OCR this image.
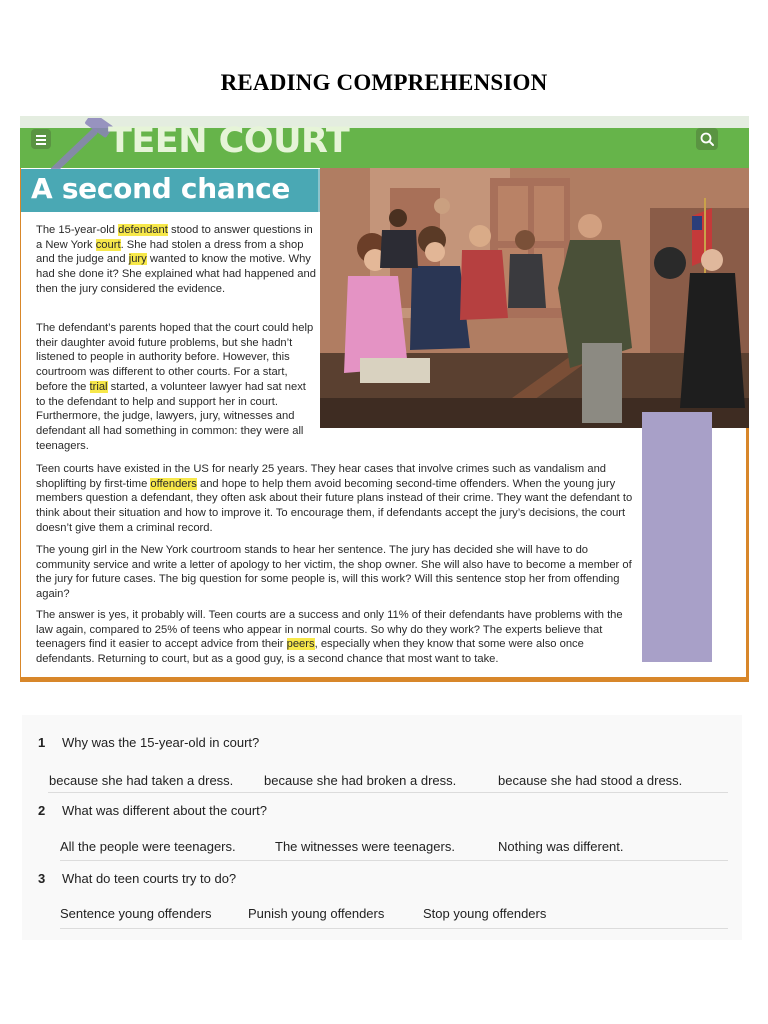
READING COMPREHENSION
TEEN COURT
A second chance

The 15-year-old defendant stood to answer questions in a New York court. She had stolen a dress from a shop and the judge and jury wanted to know the motive. Why had she done it? She explained what had happened and then the jury considered the evidence.

The defendant’s parents hoped that the court could help their daughter avoid future problems, but she hadn’t listened to people in authority before. However, this courtroom was different to other courts. For a start, before the trial started, a volunteer lawyer had sat next to the defendant to help and support her in court. Furthermore, the judge, lawyers, jury, witnesses and defendant all had something in common: they were all teenagers.

Teen courts have existed in the US for nearly 25 years. They hear cases that involve crimes such as vandalism and shoplifting by first-time offenders and hope to help them avoid becoming second-time offenders. When the young jury members question a defendant, they often ask about their future plans instead of their crime. They want the defendant to think about their situation and how to improve it. To encourage them, if defendants accept the jury’s decisions, the court doesn’t give them a criminal record.

The young girl in the New York courtroom stands to hear her sentence. The jury has decided she will have to do community service and write a letter of apology to her victim, the shop owner. She will also have to become a member of the jury for future cases. The big question for some people is, will this work? Will this sentence stop her from offending again?

The answer is yes, it probably will. Teen courts are a success and only 11% of their defendants have problems with the law again, compared to 25% of teens who appear in normal courts. So why do they work? The experts believe that teenagers find it easier to accept advice from their peers, especially when they know that some were also once defendants. Returning to court, but as a good guy, is a second chance that most want to take.

1 Why was the 15-year-old in court?
because she had taken a dress. because she had broken a dress.	because she had stood a dress.
2 What was different about the court?
All the people were teenagers.	The witnesses were teenagers.	Nothing was different.
3 What do teen courts try to do?
Sentence young offenders	Punish young offenders	Stop young offenders
